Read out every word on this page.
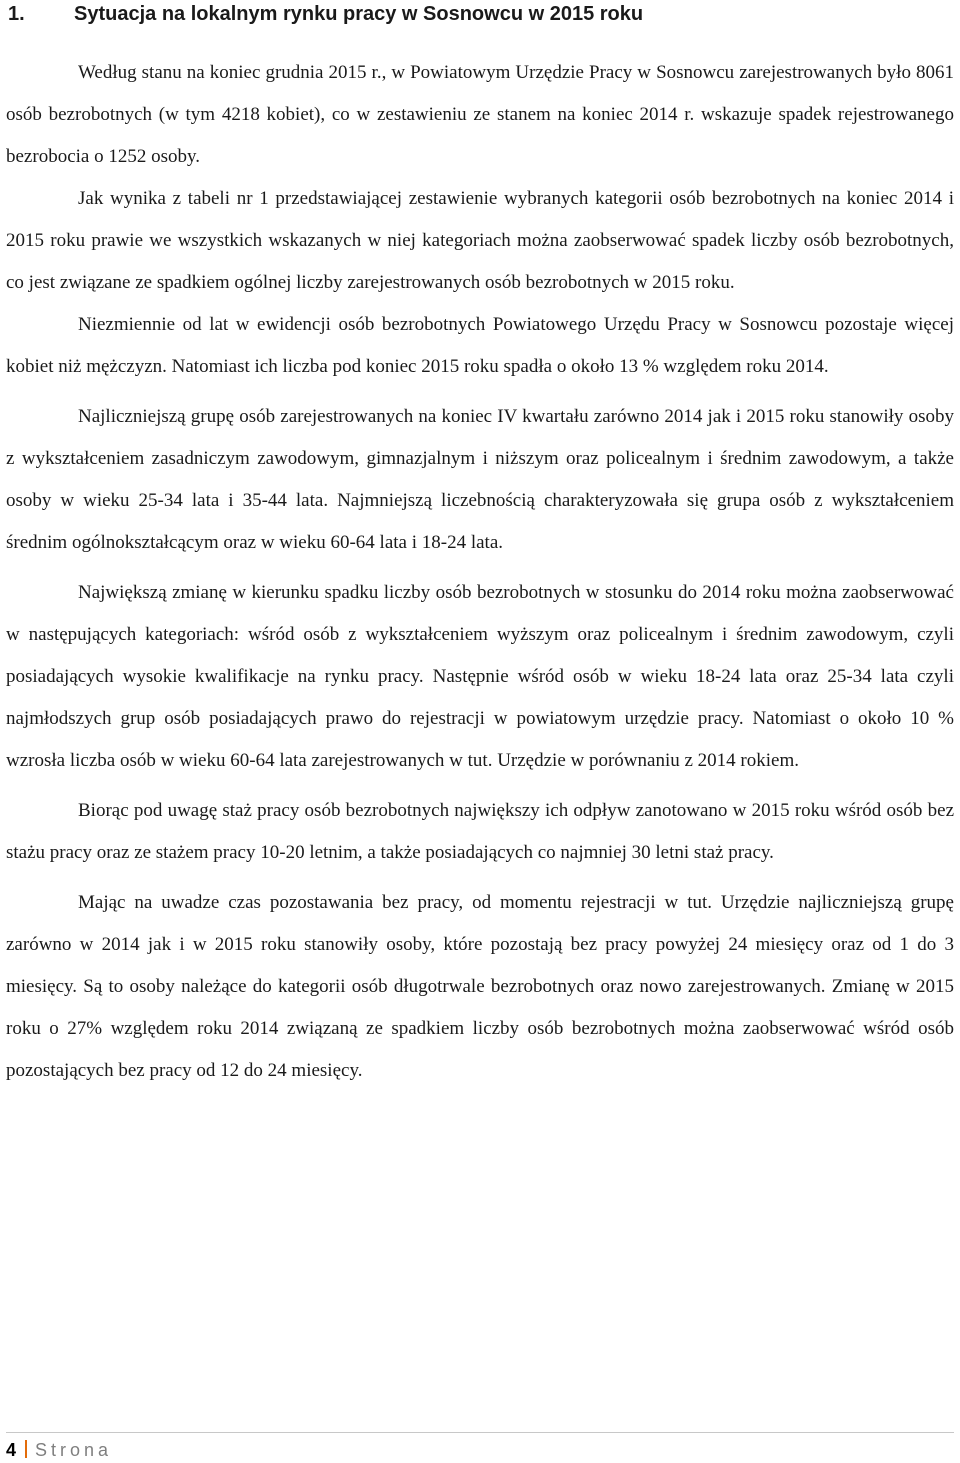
1. Sytuacja na lokalnym rynku pracy w Sosnowcu w 2015 roku

Według stanu na koniec grudnia 2015 r., w Powiatowym Urzędzie Pracy w Sosnowcu zarejestrowanych było 8061 osób bezrobotnych (w tym 4218 kobiet), co w zestawieniu ze stanem na koniec 2014 r. wskazuje spadek rejestrowanego bezrobocia o 1252 osoby.

Jak wynika z tabeli nr 1 przedstawiającej zestawienie wybranych kategorii osób bezrobotnych na koniec 2014 i 2015 roku prawie we wszystkich wskazanych w niej kategoriach można zaobserwować spadek liczby osób bezrobotnych, co jest związane ze spadkiem ogólnej liczby zarejestrowanych osób bezrobotnych w 2015 roku.

Niezmiennie od lat w ewidencji osób bezrobotnych Powiatowego Urzędu Pracy w Sosnowcu pozostaje więcej kobiet niż mężczyzn. Natomiast ich liczba pod koniec 2015 roku spadła o około 13 % względem roku 2014.

Najliczniejszą grupę osób zarejestrowanych na koniec IV kwartału zarówno 2014 jak i 2015 roku stanowiły osoby z wykształceniem zasadniczym zawodowym, gimnazjalnym i niższym oraz policealnym i średnim zawodowym, a także osoby w wieku 25-34 lata i 35-44 lata. Najmniejszą liczebnością charakteryzowała się grupa osób z wykształceniem średnim ogólnokształcącym oraz w wieku 60-64 lata i 18-24 lata.

Największą zmianę w kierunku spadku liczby osób bezrobotnych w stosunku do 2014 roku można zaobserwować w następujących kategoriach: wśród osób z wykształceniem wyższym oraz policealnym i średnim zawodowym, czyli posiadających wysokie kwalifikacje na rynku pracy. Następnie wśród osób w wieku 18-24 lata oraz 25-34 lata czyli najmłodszych grup osób posiadających prawo do rejestracji w powiatowym urzędzie pracy. Natomiast o około 10 % wzrosła liczba osób w wieku 60-64 lata zarejestrowanych w tut. Urzędzie w porównaniu z 2014 rokiem.

Biorąc pod uwagę staż pracy osób bezrobotnych największy ich odpływ zanotowano w 2015 roku wśród osób bez stażu pracy oraz ze stażem pracy 10-20 letnim, a także posiadających co najmniej 30 letni staż pracy.

Mając na uwadze czas pozostawania bez pracy, od momentu rejestracji w tut. Urzędzie najliczniejszą grupę zarówno w 2014 jak i w 2015 roku stanowiły osoby, które pozostają bez pracy powyżej 24 miesięcy oraz od 1 do 3 miesięcy. Są to osoby należące do kategorii osób długotrwale bezrobotnych oraz nowo zarejestrowanych. Zmianę w 2015 roku o 27% względem roku 2014 związaną ze spadkiem liczby osób bezrobotnych można zaobserwować wśród osób pozostających bez pracy od 12 do 24 miesięcy.

4 Strona
